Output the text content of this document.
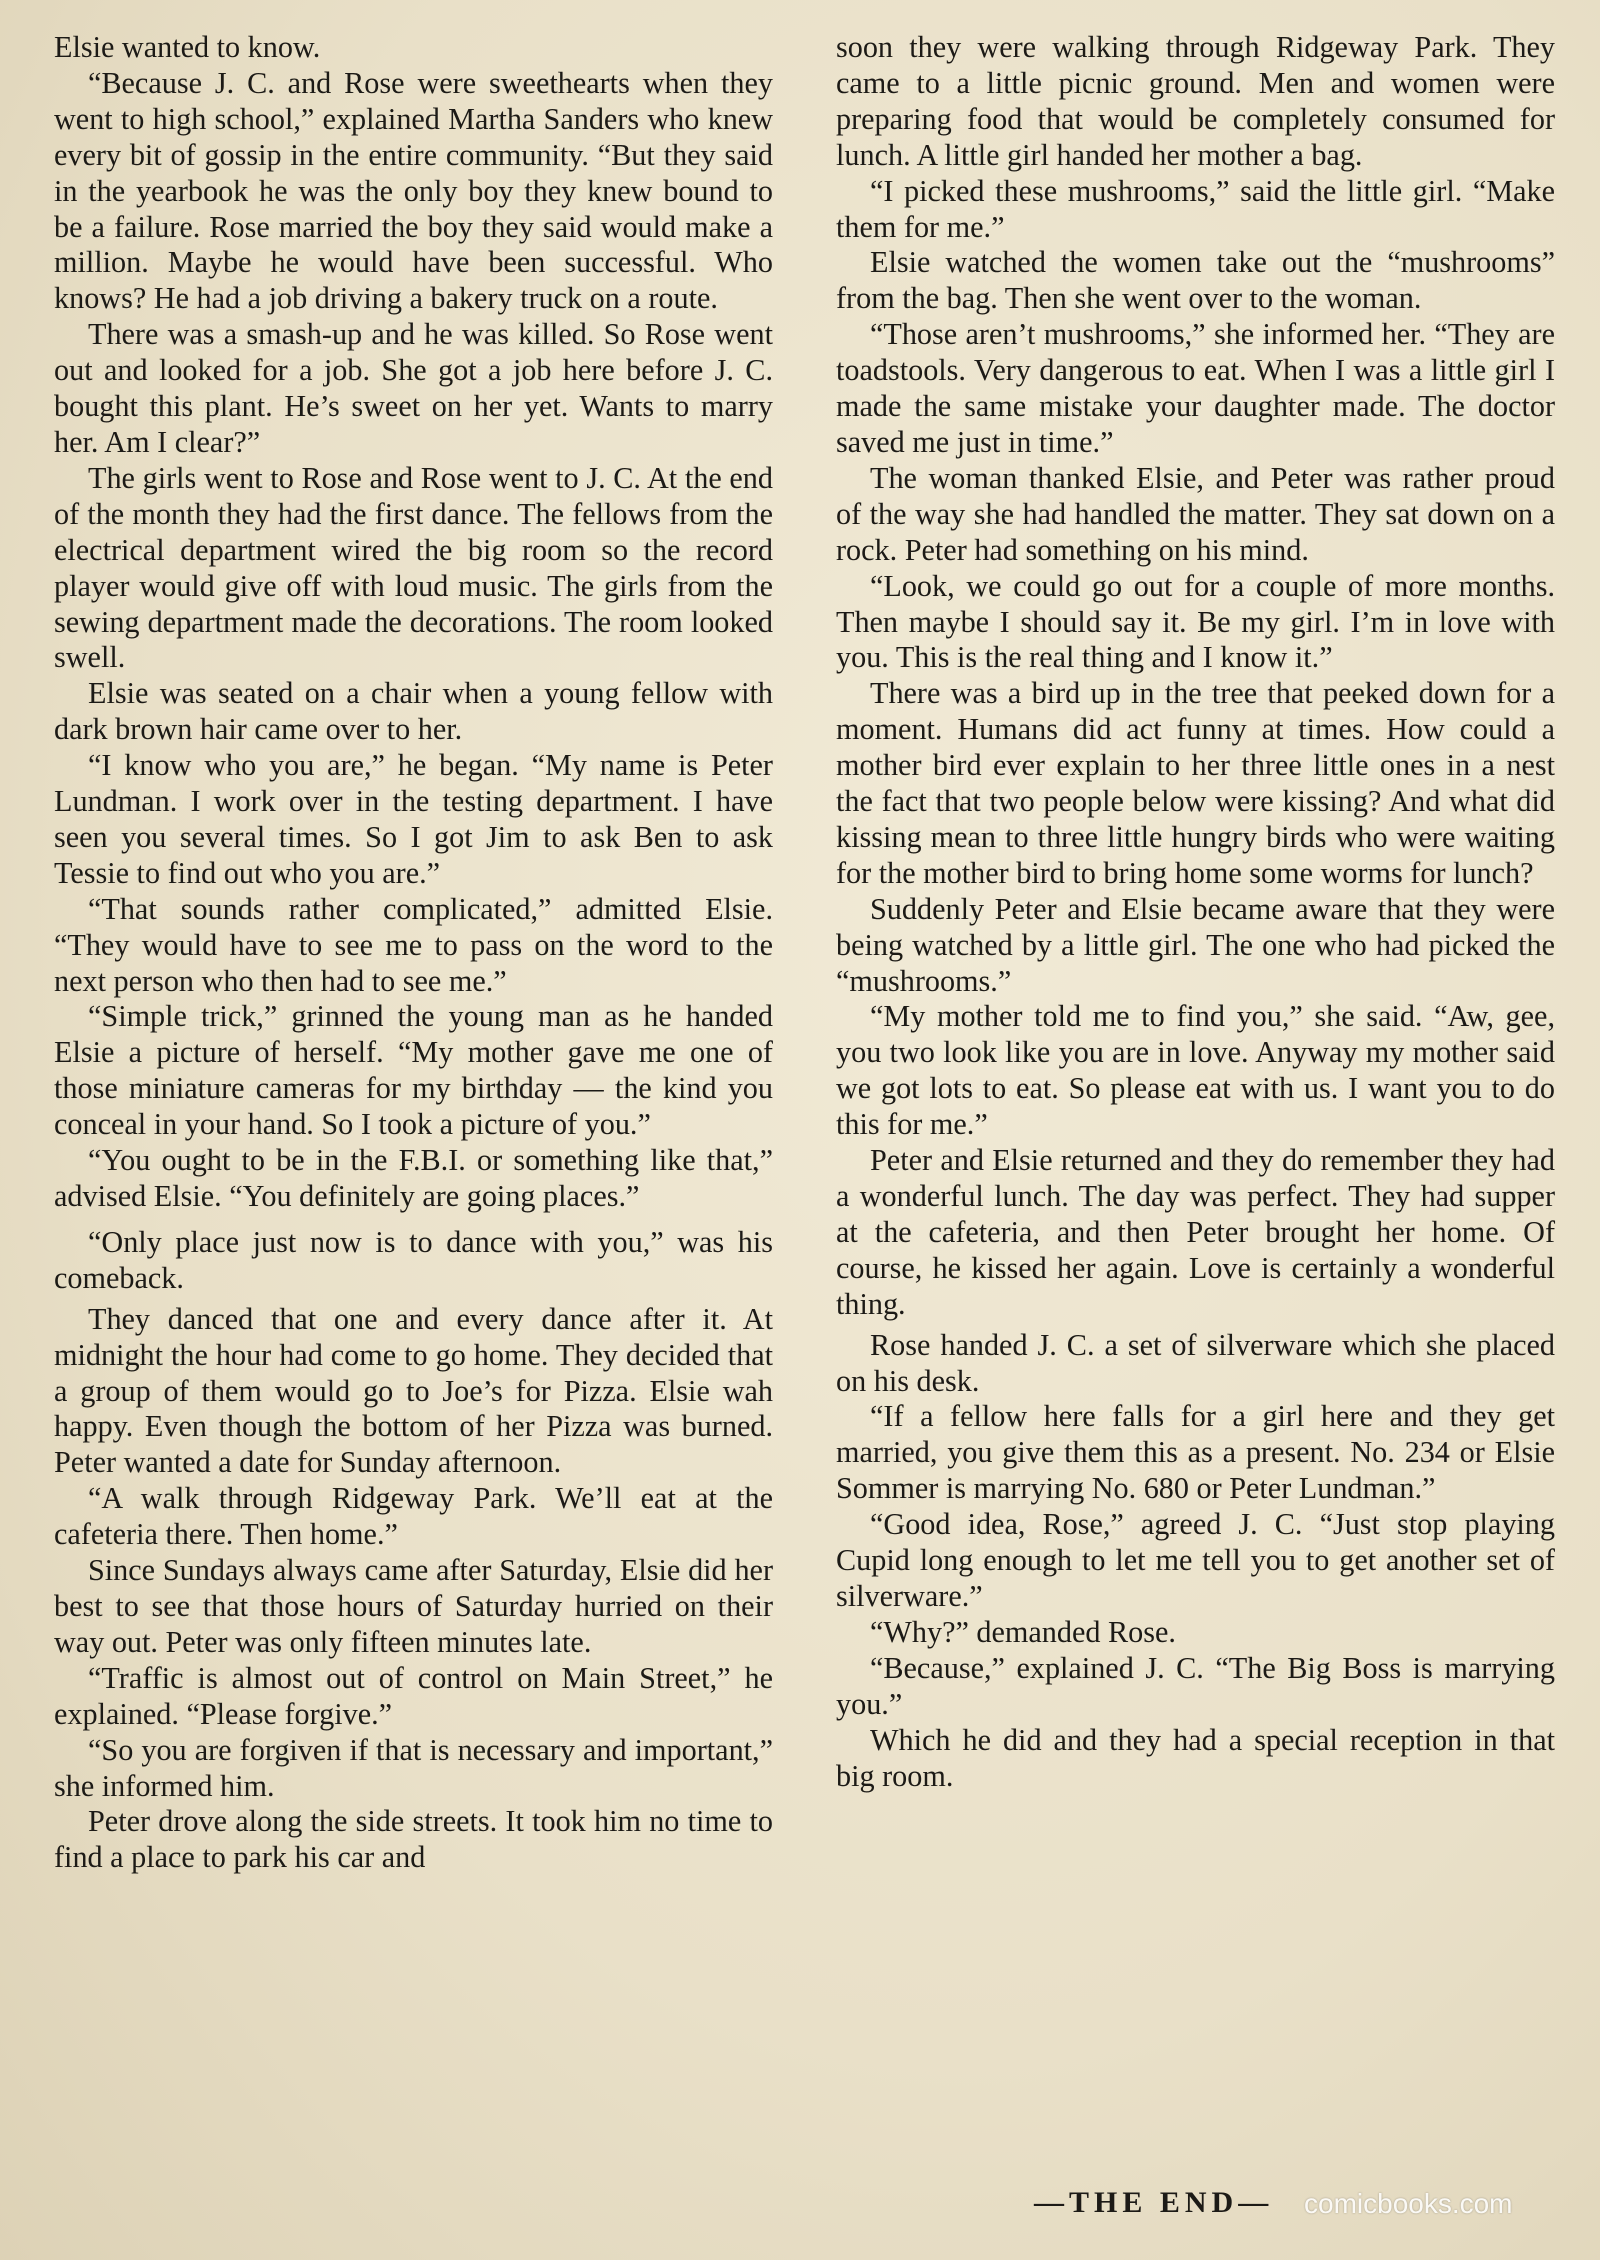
Elsie wanted to know.

“Because J. C. and Rose were sweethearts when they went to high school,” explained Martha Sanders who knew every bit of gossip in the entire community. “But they said in the yearbook he was the only boy they knew bound to be a failure. Rose married the boy they said would make a million. Maybe he would have been successful. Who knows? He had a job driving a bakery truck on a route.

There was a smash-up and he was killed. So Rose went out and looked for a job. She got a job here before J. C. bought this plant. He’s sweet on her yet. Wants to marry her. Am I clear?”

The girls went to Rose and Rose went to J. C. At the end of the month they had the first dance. The fellows from the electrical department wired the big room so the record player would give off with loud music. The girls from the sewing department made the decorations. The room looked swell.

Elsie was seated on a chair when a young fellow with dark brown hair came over to her.

“I know who you are,” he began. “My name is Peter Lundman. I work over in the testing department. I have seen you several times. So I got Jim to ask Ben to ask Tessie to find out who you are.”

“That sounds rather complicated,” admitted Elsie. “They would have to see me to pass on the word to the next person who then had to see me.”

“Simple trick,” grinned the young man as he handed Elsie a picture of herself. “My mother gave me one of those miniature cameras for my birthday — the kind you conceal in your hand. So I took a picture of you.”

“You ought to be in the F.B.I. or something like that,” advised Elsie. “You definitely are going places.”

“Only place just now is to dance with you,” was his comeback.

They danced that one and every dance after it. At midnight the hour had come to go home. They decided that a group of them would go to Joe’s for Pizza. Elsie wah happy. Even though the bottom of her Pizza was burned. Peter wanted a date for Sunday afternoon.

“A walk through Ridgeway Park. We’ll eat at the cafeteria there. Then home.”

Since Sundays always came after Saturday, Elsie did her best to see that those hours of Saturday hurried on their way out. Peter was only fifteen minutes late.

“Traffic is almost out of control on Main Street,” he explained. “Please forgive.”

“So you are forgiven if that is necessary and important,” she informed him.

Peter drove along the side streets. It took him no time to find a place to park his car and

soon they were walking through Ridgeway Park. They came to a little picnic ground. Men and women were preparing food that would be completely consumed for lunch. A little girl handed her mother a bag.

“I picked these mushrooms,” said the little girl. “Make them for me.”

Elsie watched the women take out the “mushrooms” from the bag. Then she went over to the woman.

“Those aren’t mushrooms,” she informed her. “They are toadstools. Very dangerous to eat. When I was a little girl I made the same mistake your daughter made. The doctor saved me just in time.”

The woman thanked Elsie, and Peter was rather proud of the way she had handled the matter. They sat down on a rock. Peter had something on his mind.

“Look, we could go out for a couple of more months. Then maybe I should say it. Be my girl. I’m in love with you. This is the real thing and I know it.”

There was a bird up in the tree that peeked down for a moment. Humans did act funny at times. How could a mother bird ever explain to her three little ones in a nest the fact that two people below were kissing? And what did kissing mean to three little hungry birds who were waiting for the mother bird to bring home some worms for lunch?

Suddenly Peter and Elsie became aware that they were being watched by a little girl. The one who had picked the “mushrooms.”

“My mother told me to find you,” she said. “Aw, gee, you two look like you are in love. Anyway my mother said we got lots to eat. So please eat with us. I want you to do this for me.”

Peter and Elsie returned and they do remember they had a wonderful lunch. The day was perfect. They had supper at the cafeteria, and then Peter brought her home. Of course, he kissed her again. Love is certainly a wonderful thing.

Rose handed J. C. a set of silverware which she placed on his desk.

“If a fellow here falls for a girl here and they get married, you give them this as a present. No. 234 or Elsie Sommer is marrying No. 680 or Peter Lundman.”

“Good idea, Rose,” agreed J. C. “Just stop playing Cupid long enough to let me tell you to get another set of silverware.”

“Why?” demanded Rose.

“Because,” explained J. C. “The Big Boss is marrying you.”

Which he did and they had a special reception in that big room.

—THE END— comicbooks.com
